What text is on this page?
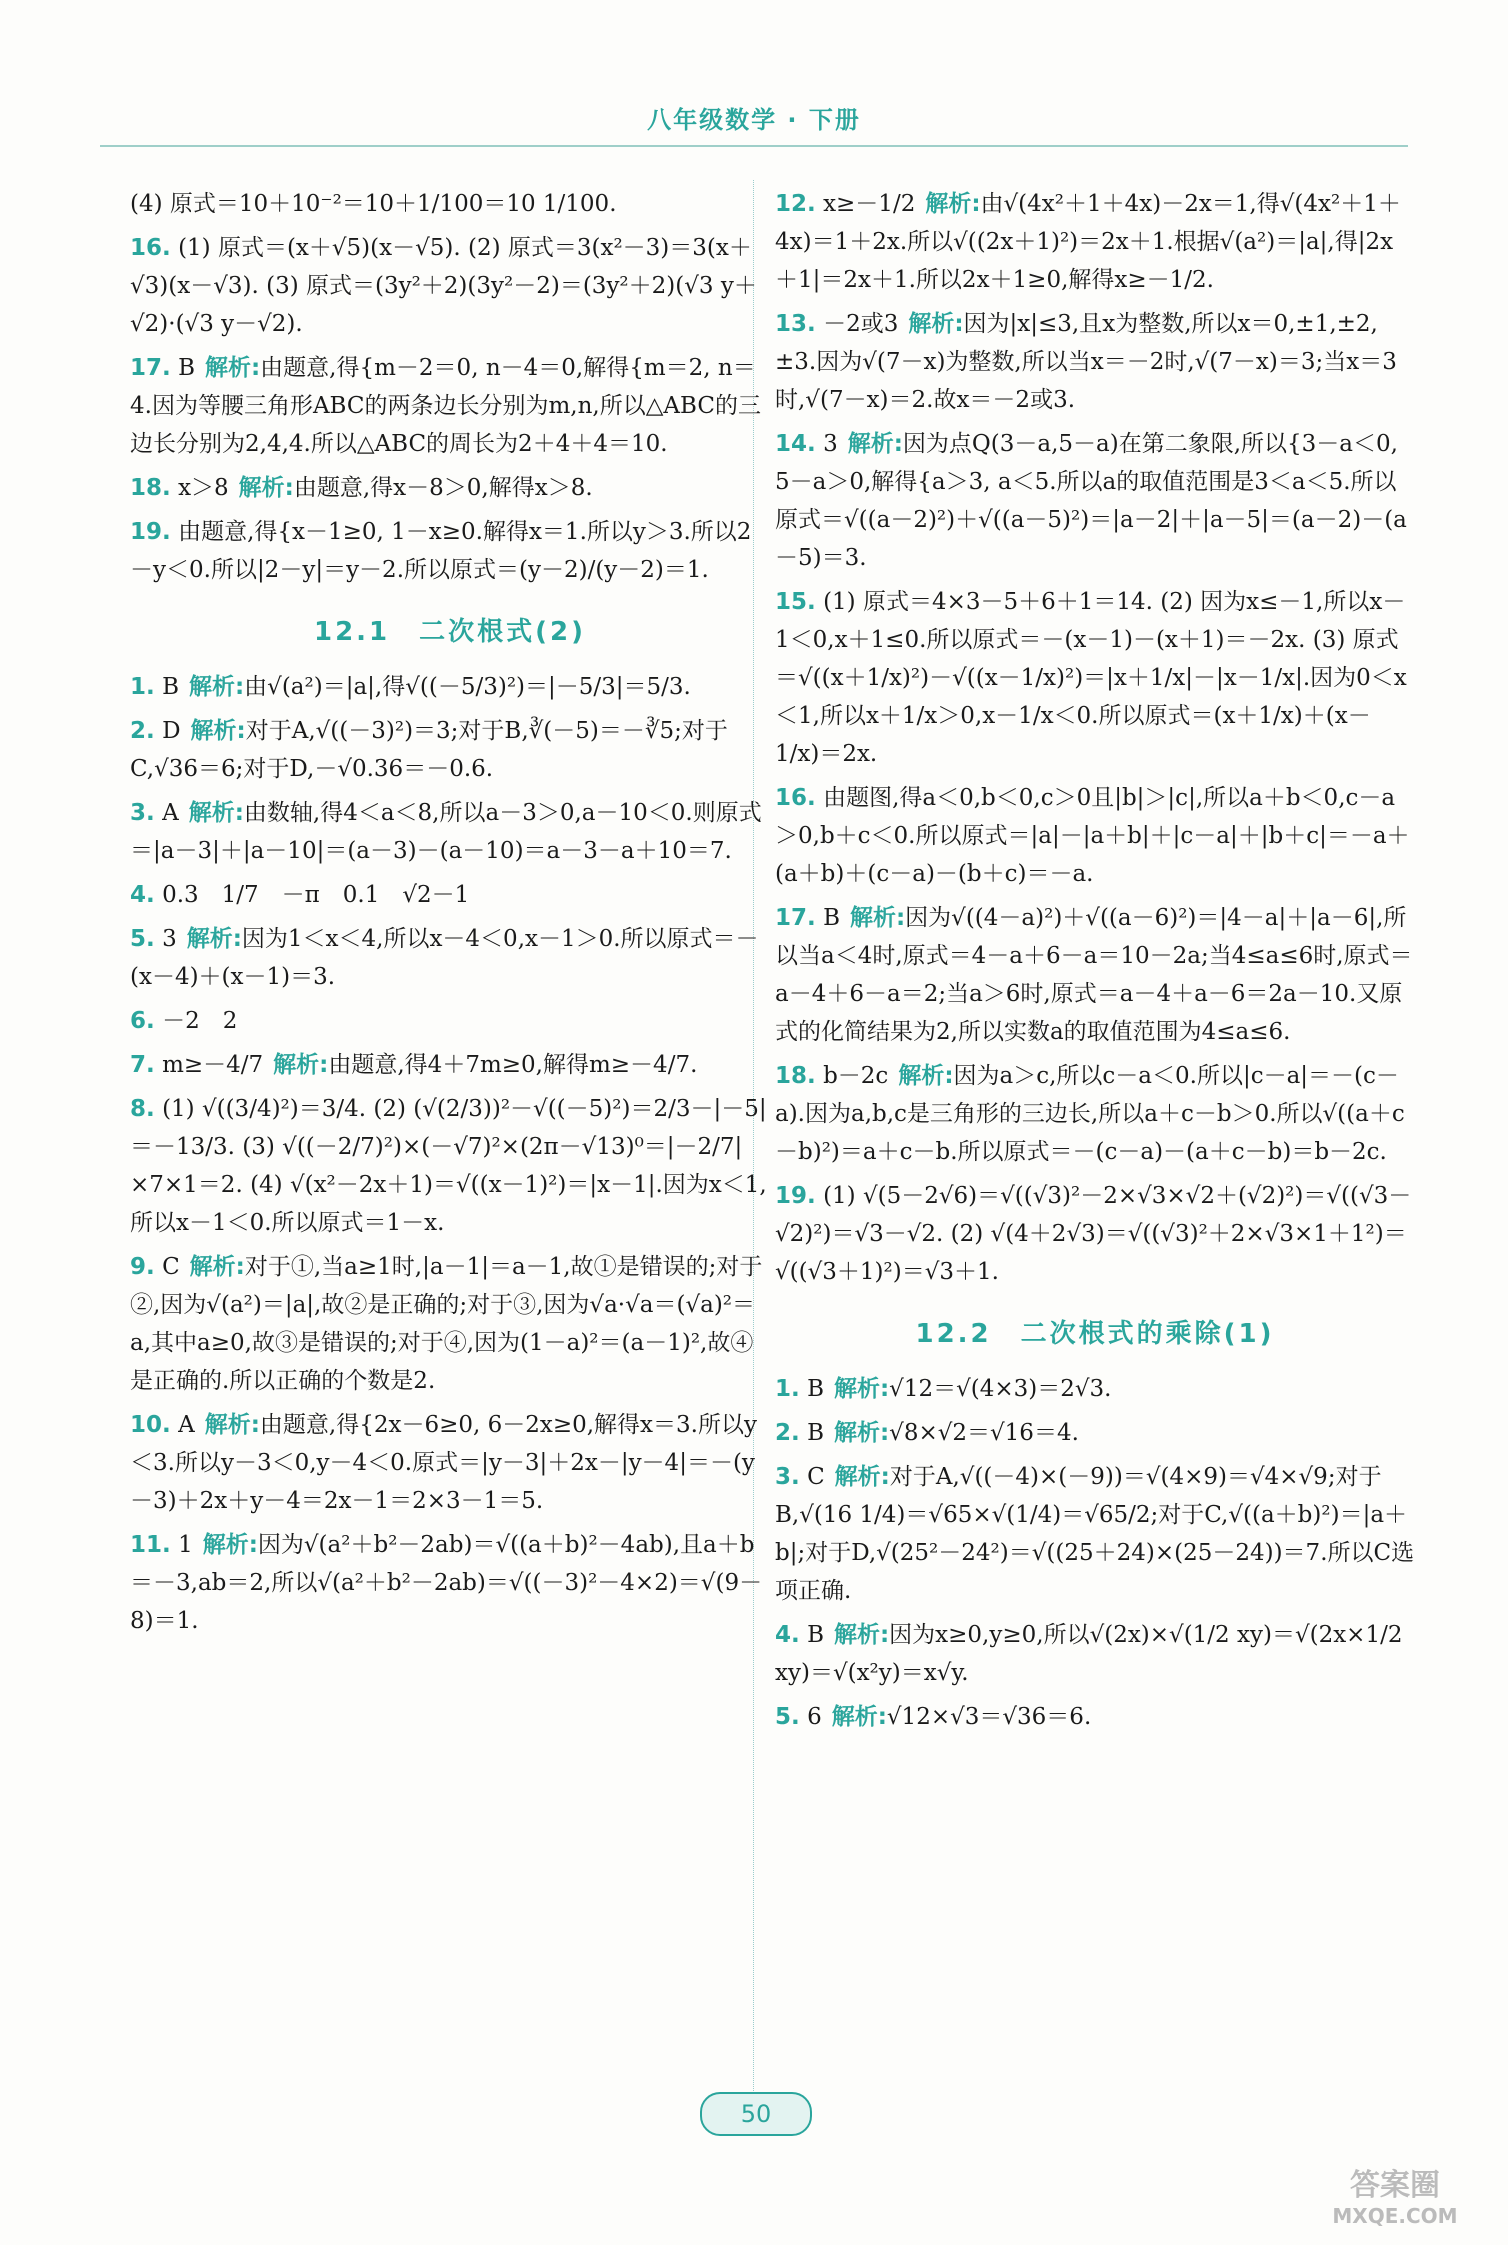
八年级数学 · 下册
(4) 原式＝10＋10⁻²＝10＋1/100＝10 1/100.
16. (1) 原式＝(x＋√5)(x－√5). (2) 原式＝3(x²－3)＝3(x＋√3)(x－√3). (3) 原式＝(3y²＋2)(3y²－2)＝(3y²＋2)(√3 y＋√2)·(√3 y－√2).
17. B 解析:由题意,得{m－2＝0, n－4＝0,解得{m＝2, n＝4.因为等腰三角形ABC的两条边长分别为m,n,所以△ABC的三边长分别为2,4,4.所以△ABC的周长为2＋4＋4＝10.
18. x＞8 解析:由题意,得x－8＞0,解得x＞8.
19. 由题意,得{x－1≥0, 1－x≥0.解得x＝1.所以y＞3.所以2－y＜0.所以|2－y|＝y－2.所以原式＝(y－2)/(y－2)＝1.
12.1　二次根式(2)
1. B 解析:由√(a²)＝|a|,得√((－5/3)²)＝|－5/3|＝5/3.
2. D 解析:对于A,√((－3)²)＝3;对于B,∛(－5)＝－∛5;对于C,√36＝6;对于D,－√0.36＝－0.6.
3. A 解析:由数轴,得4＜a＜8,所以a－3＞0,a－10＜0.则原式＝|a－3|＋|a－10|＝(a－3)－(a－10)＝a－3－a＋10＝7.
4. 0.3　1/7　－π　0.1　√2－1
5. 3 解析:因为1＜x＜4,所以x－4＜0,x－1＞0.所以原式＝－(x－4)＋(x－1)＝3.
6. －2　2
7. m≥－4/7 解析:由题意,得4＋7m≥0,解得m≥－4/7.
8. (1) √((3/4)²)＝3/4. (2) (√(2/3))²－√((－5)²)＝2/3－|－5|＝－13/3. (3) √((－2/7)²)×(－√7)²×(2π－√13)⁰＝|－2/7|×7×1＝2. (4) √(x²－2x＋1)＝√((x－1)²)＝|x－1|.因为x＜1,所以x－1＜0.所以原式＝1－x.
9. C 解析:对于①,当a≥1时,|a－1|＝a－1,故①是错误的;对于②,因为√(a²)＝|a|,故②是正确的;对于③,因为√a·√a＝(√a)²＝a,其中a≥0,故③是错误的;对于④,因为(1－a)²＝(a－1)²,故④是正确的.所以正确的个数是2.
10. A 解析:由题意,得{2x－6≥0, 6－2x≥0,解得x＝3.所以y＜3.所以y－3＜0,y－4＜0.原式＝|y－3|＋2x－|y－4|＝－(y－3)＋2x＋y－4＝2x－1＝2×3－1＝5.
11. 1 解析:因为√(a²＋b²－2ab)＝√((a＋b)²－4ab),且a＋b＝－3,ab＝2,所以√(a²＋b²－2ab)＝√((－3)²－4×2)＝√(9－8)＝1.
12. x≥－1/2 解析:由√(4x²＋1＋4x)－2x＝1,得√(4x²＋1＋4x)＝1＋2x.所以√((2x＋1)²)＝2x＋1.根据√(a²)＝|a|,得|2x＋1|＝2x＋1.所以2x＋1≥0,解得x≥－1/2.
13. －2或3 解析:因为|x|≤3,且x为整数,所以x＝0,±1,±2,±3.因为√(7－x)为整数,所以当x＝－2时,√(7－x)＝3;当x＝3时,√(7－x)＝2.故x＝－2或3.
14. 3 解析:因为点Q(3－a,5－a)在第二象限,所以{3－a＜0, 5－a＞0,解得{a＞3, a＜5.所以a的取值范围是3＜a＜5.所以原式＝√((a－2)²)＋√((a－5)²)＝|a－2|＋|a－5|＝(a－2)－(a－5)＝3.
15. (1) 原式＝4×3－5＋6＋1＝14. (2) 因为x≤－1,所以x－1＜0,x＋1≤0.所以原式＝－(x－1)－(x＋1)＝－2x. (3) 原式＝√((x＋1/x)²)－√((x－1/x)²)＝|x＋1/x|－|x－1/x|.因为0＜x＜1,所以x＋1/x＞0,x－1/x＜0.所以原式＝(x＋1/x)＋(x－1/x)＝2x.
16. 由题图,得a＜0,b＜0,c＞0且|b|＞|c|,所以a＋b＜0,c－a＞0,b＋c＜0.所以原式＝|a|－|a＋b|＋|c－a|＋|b＋c|＝－a＋(a＋b)＋(c－a)－(b＋c)＝－a.
17. B 解析:因为√((4－a)²)＋√((a－6)²)＝|4－a|＋|a－6|,所以当a＜4时,原式＝4－a＋6－a＝10－2a;当4≤a≤6时,原式＝a－4＋6－a＝2;当a＞6时,原式＝a－4＋a－6＝2a－10.又原式的化简结果为2,所以实数a的取值范围为4≤a≤6.
18. b－2c 解析:因为a＞c,所以c－a＜0.所以|c－a|＝－(c－a).因为a,b,c是三角形的三边长,所以a＋c－b＞0.所以√((a＋c－b)²)＝a＋c－b.所以原式＝－(c－a)－(a＋c－b)＝b－2c.
19. (1) √(5－2√6)＝√((√3)²－2×√3×√2＋(√2)²)＝√((√3－√2)²)＝√3－√2. (2) √(4＋2√3)＝√((√3)²＋2×√3×1＋1²)＝√((√3＋1)²)＝√3＋1.
12.2　二次根式的乘除(1)
1. B 解析:√12＝√(4×3)＝2√3.
2. B 解析:√8×√2＝√16＝4.
3. C 解析:对于A,√((－4)×(－9))＝√(4×9)＝√4×√9;对于B,√(16 1/4)＝√65×√(1/4)＝√65/2;对于C,√((a＋b)²)＝|a＋b|;对于D,√(25²－24²)＝√((25＋24)×(25－24))＝7.所以C选项正确.
4. B 解析:因为x≥0,y≥0,所以√(2x)×√(1/2 xy)＝√(2x×1/2 xy)＝√(x²y)＝x√y.
5. 6 解析:√12×√3＝√36＝6.
50
答案圈
MXQE.COM
